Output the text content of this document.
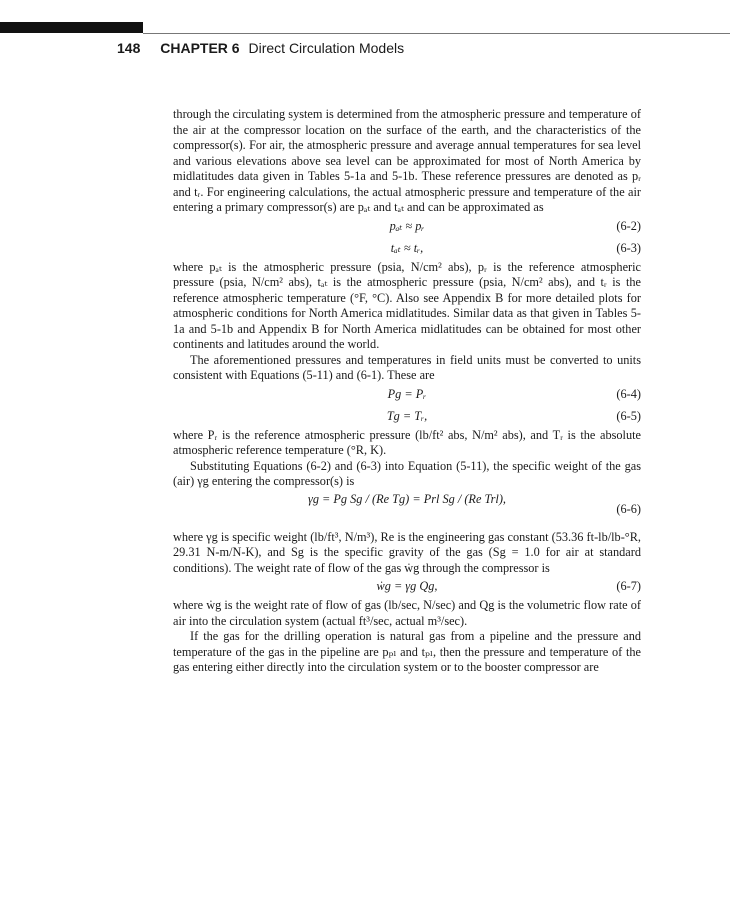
148 CHAPTER 6 Direct Circulation Models

through the circulating system is determined from the atmospheric pressure and temperature of the air at the compressor location on the surface of the earth, and the characteristics of the compressor(s). For air, the atmospheric pressure and average annual temperatures for sea level and various elevations above sea level can be approximated for most of North America by midlatitudes data given in Tables 5-1a and 5-1b. These reference pressures are denoted as pᵣ and tᵣ. For engineering calculations, the actual atmospheric pressure and temperature of the air entering a primary compressor(s) are pₐₜ and tₐₜ and can be approximated as

pₐₜ ≈ pᵣ	(6-2)
tₐₜ ≈ tᵣ,	(6-3)

where pₐₜ is the atmospheric pressure (psia, N/cm² abs), pᵣ is the reference atmospheric pressure (psia, N/cm² abs), tₐₜ is the atmospheric pressure (psia, N/cm² abs), and tᵣ is the reference atmospheric temperature (°F, °C). Also see Appendix B for more detailed plots for atmospheric conditions for North America midlatitudes. Similar data as that given in Tables 5-1a and 5-1b and Appendix B for North America midlatitudes can be obtained for most other continents and latitudes around the world.

The aforementioned pressures and temperatures in field units must be converted to units consistent with Equations (5-11) and (6-1). These are

Pg = Pᵣ	(6-4)
Tg = Tᵣ,	(6-5)

where Pᵣ is the reference atmospheric pressure (lb/ft² abs, N/m² abs), and Tᵣ is the absolute atmospheric reference temperature (°R, K).

Substituting Equations (6-2) and (6-3) into Equation (5-11), the specific weight of the gas (air) γg entering the compressor(s) is

γg = Pg Sg / (Re Tg) = Prl Sg / (Re Trl),
(6-6)

where γg is specific weight (lb/ft³, N/m³), Re is the engineering gas constant (53.36 ft-lb/lb-°R, 29.31 N-m/N-K), and Sg is the specific gravity of the gas (Sg = 1.0 for air at standard conditions). The weight rate of flow of the gas ẇg through the compressor is

ẇg = γg Qg,	(6-7)

where ẇg is the weight rate of flow of gas (lb/sec, N/sec) and Qg is the volumetric flow rate of air into the circulation system (actual ft³/sec, actual m³/sec).

If the gas for the drilling operation is natural gas from a pipeline and the pressure and temperature of the gas in the pipeline are pₚₗ and tₚₗ, then the pressure and temperature of the gas entering either directly into the circulation system or to the booster compressor are
